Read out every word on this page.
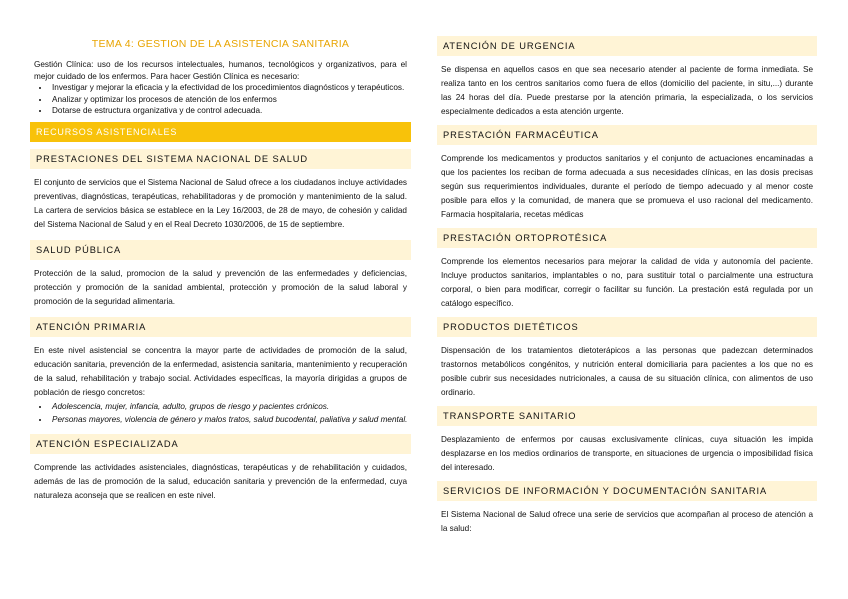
TEMA 4: GESTION DE LA ASISTENCIA SANITARIA
Gestión Clínica: uso de los recursos intelectuales, humanos, tecnológicos y organizativos, para el mejor cuidado de los enfermos. Para hacer Gestión Clínica es necesario:
• Investigar y mejorar la eficacia y la efectividad de los procedimientos diagnósticos y terapéuticos.
• Analizar y optimizar los procesos de atención de los enfermos
• Dotarse de estructura organizativa y de control adecuada.
RECURSOS ASISTENCIALES
PRESTACIONES DEL SISTEMA NACIONAL DE SALUD
El conjunto de servicios que el Sistema Nacional de Salud ofrece a los ciudadanos incluye actividades preventivas, diagnósticas, terapéuticas, rehabilitadoras y de promoción y mantenimiento de la salud. La cartera de servicios básica se establece en la Ley 16/2003, de 28 de mayo, de cohesión y calidad del Sistema Nacional de Salud y en el Real Decreto 1030/2006, de 15 de septiembre.
SALUD PÚBLICA
Protección de la salud, promocion de la salud y prevención de las enfermedades y deficiencias, protección y promoción de la sanidad ambiental, protección y promoción de la salud laboral y promoción de la seguridad alimentaria.
ATENCIÓN PRIMARIA
En este nivel asistencial se concentra la mayor parte de actividades de promoción de la salud, educación sanitaria, prevención de la enfermedad, asistencia sanitaria, mantenimiento y recuperación de la salud, rehabilitación y trabajo social. Actividades específicas, la mayoría dirigidas a grupos de población de riesgo concretos:
• Adolescencia, mujer, infancia, adulto, grupos de riesgo y pacientes crónicos.
• Personas mayores, violencia de género y malos tratos, salud bucodental, paliativa y salud mental.
ATENCIÓN ESPECIALIZADA
Comprende las actividades asistenciales, diagnósticas, terapéuticas y de rehabilitación y cuidados, además de las de promoción de la salud, educación sanitaria y prevención de la enfermedad, cuya naturaleza aconseja que se realicen en este nivel.
ATENCIÓN DE URGENCIA
Se dispensa en aquellos casos en que sea necesario atender al paciente de forma inmediata. Se realiza tanto en los centros sanitarios como fuera de ellos (domicilio del paciente, in situ,...) durante las 24 horas del día. Puede prestarse por la atención primaria, la especializada, o los servicios especialmente dedicados a esta atención urgente.
PRESTACIÓN FARMACÉUTICA
Comprende los medicamentos y productos sanitarios y el conjunto de actuaciones encaminadas a que los pacientes los reciban de forma adecuada a sus necesidades clínicas, en las dosis precisas según sus requerimientos individuales, durante el período de tiempo adecuado y al menor coste posible para ellos y la comunidad, de manera que se promueva el uso racional del medicamento. Farmacia hospitalaria, recetas médicas
PRESTACIÓN ORTOPROTÉSICA
Comprende los elementos necesarios para mejorar la calidad de vida y autonomía del paciente. Incluye productos sanitarios, implantables o no, para sustituir total o parcialmente una estructura corporal, o bien para modificar, corregir o facilitar su función. La prestación está regulada por un catálogo específico.
PRODUCTOS DIETÉTICOS
Dispensación de los tratamientos dietoterápicos a las personas que padezcan determinados trastornos metabólicos congénitos, y nutrición enteral domiciliaria para pacientes a los que no es posible cubrir sus necesidades nutricionales, a causa de su situación clínica, con alimentos de uso ordinario.
TRANSPORTE SANITARIO
Desplazamiento de enfermos por causas exclusivamente clínicas, cuya situación les impida desplazarse en los medios ordinarios de transporte, en situaciones de urgencia o imposibilidad física del interesado.
SERVICIOS DE INFORMACIÓN Y DOCUMENTACIÓN SANITARIA
El Sistema Nacional de Salud ofrece una serie de servicios que acompañan al proceso de atención a la salud:
